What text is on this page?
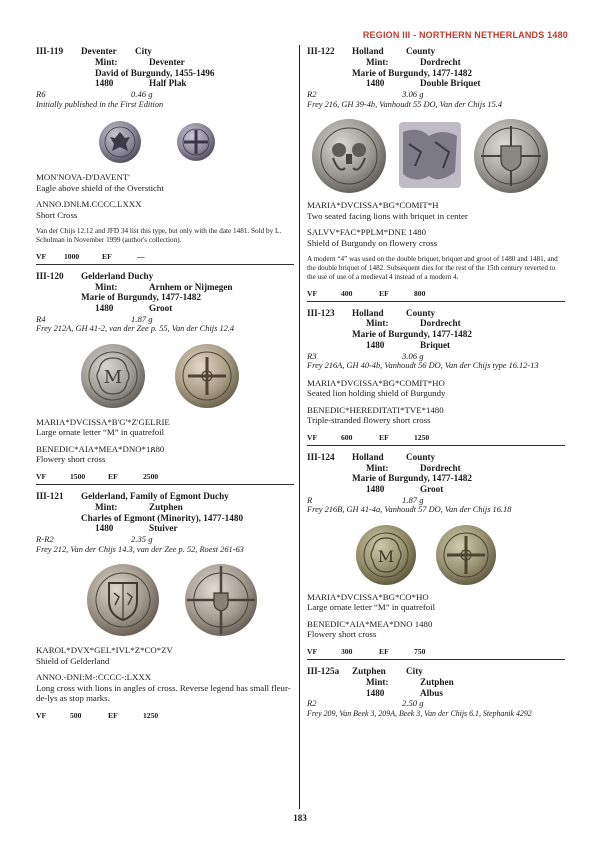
REGION III - NORTHERN NETHERLANDS 1480
III-119	Deventer City
Mint:	Deventer
David of Burgundy, 1455-1496
1480	Half Plak
R6	0.46 g
Initially published in the First Edition
MON'NOVA-D'DAVENT'
Eagle above shield of the Oversticht
ANNO.DNI.M.CCCC.LXXX
Short Cross
Van der Chijs 12.12 and JFD 34 list this type, but only with the date 1481. Sold by L. Schulman in November 1999 (author's collection).
VF 1000	EF	—
III-120	Gelderland Duchy
Mint:	Arnhem or Nijmegen
Marie of Burgundy, 1477-1482
1480	Groot
R4	1.87 g
Frey 212A, GH 41-2, van der Zee p. 55, Van der Chijs 12.4
M
MARIA*DVCISSA*B'G'*Z'GELRIE
Large ornate letter “M” in quatrefoil
BENEDIC*AIA*MEA*DNO*1ጸ80
Flowery short cross
VF	1500	EF	2500
III-121	Gelderland, Family of Egmont Duchy
Mint:	Zutphen
Charles of Egmont (Minority), 1477-1480
1480	Stuiver
R-R2	2.35 g
Frey 212, Van der Chijs 14.3, van der Zee p. 52, Roest 261-63
KAROL*DVX*GEL*IVL*Z*CO*ZV
Shield of Gelderland
ANNO.-DNI:M-:CCCC-:LXXX
Long cross with lions in angles of cross. Reverse legend has small fleur-de-lys as stop marks.
VF	500	EF	1250
III-122	Holland County
Mint:	Dordrecht
Marie of Burgundy, 1477-1482
1480	Double Briquet
R2	3.06 g
Frey 216, GH 39-4b, Vanhoudt 55 DO, Van der Chijs 15.4
MARIA*DVCISSA*BG*COMIT*H
Two seated facing lions with briquet in center
SALVV*FAC*PPLM*DNE 1480
Shield of Burgundy on flowery cross
A modern “4” was used on the double briquet, briquet and groot of 1480 and 1481, and the double briquet of 1482. Subsequent dies for the rest of the 15th century reverted to the use of use of a medieval 4 instead of a modern 4.
VF	400	EF	800
III-123	Holland County
Mint:	Dordrecht
Marie of Burgundy, 1477-1482
1480	Briquet
R3	3.06 g
Frey 216A, GH 40-4b, Vanhoudt 56 DO, Van der Chijs type 16.12-13
MARIA*DVCISSA*BG*COMIT*HO
Seated lion holding shield of Burgundy
BENEDIC*HEREDITATI*TVE*1480
Triple-stranded flowery short cross
VF	600	EF	1250
III-124	Holland County
Mint:	Dordrecht
Marie of Burgundy, 1477-1482
1480	Groot
R	1.87 g
Frey 216B, GH 41-4a, Vanhoudt 57 DO, Van der Chijs 16.18
M
MARIA*DVCISSA*BG*CO*HO
Large ornate letter “M” in quatrefoil
BENEDIC*AIA*MEA*DNO 1480
Flowery short cross
VF	300	EF	750
III-125a	Zutphen City
Mint:	Zutphen
1480	Albus
R2	2.50 g
Frey 209, Van Beek 3, 209A, Beek 3, Van der Chijs 6.1, Stephanik 4292
183
